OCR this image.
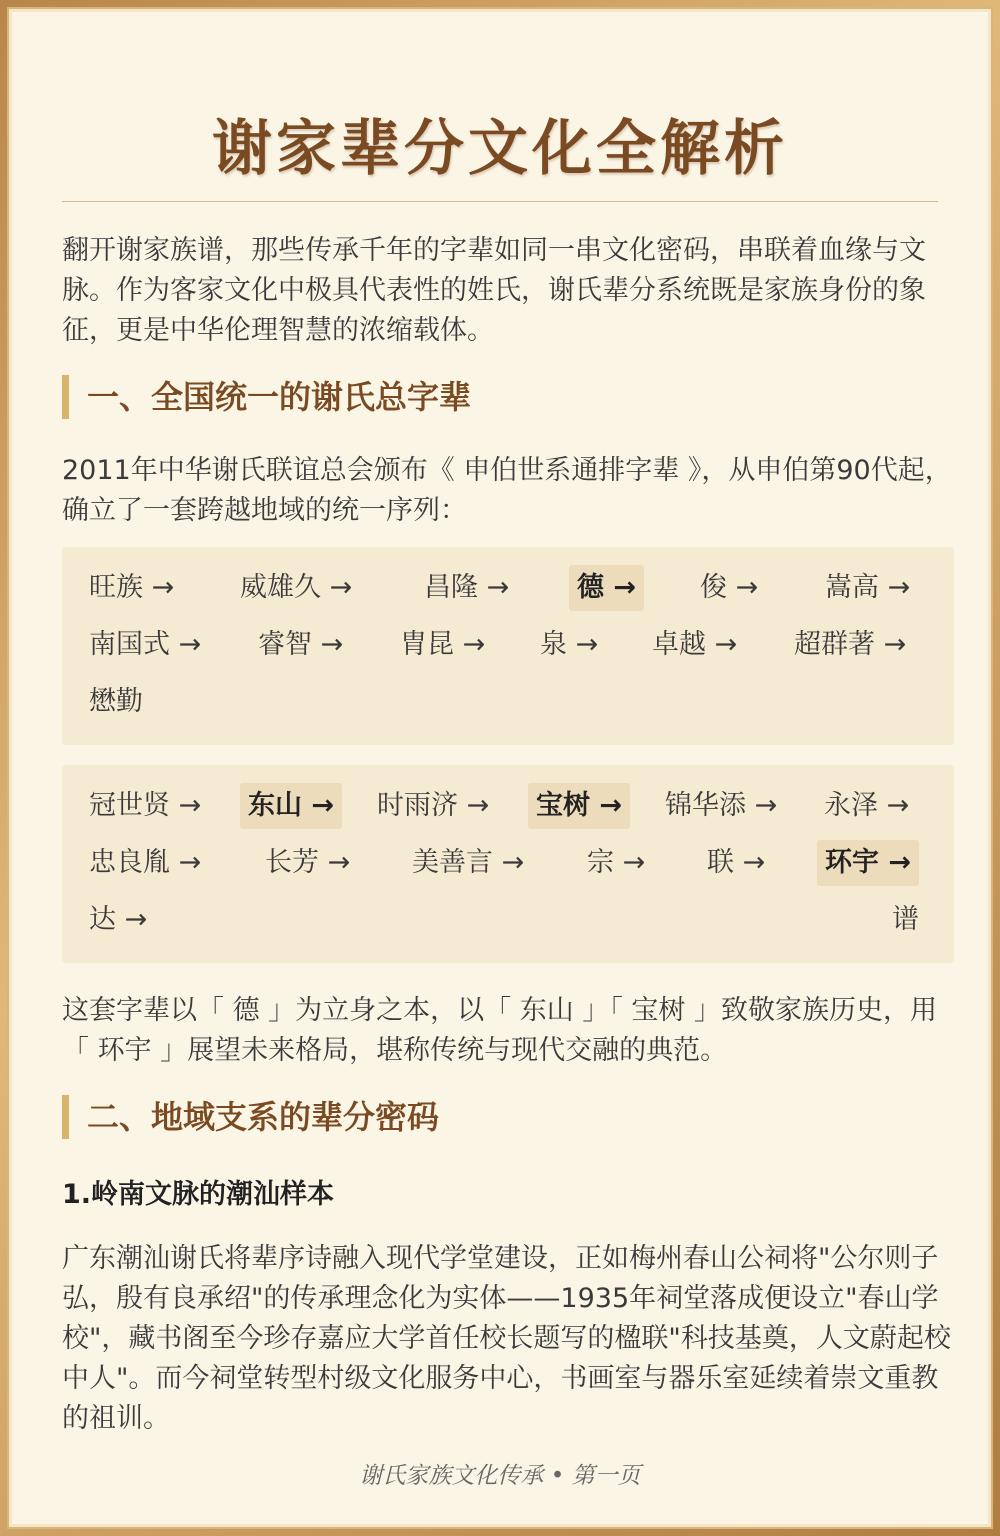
谢家辈分文化全解析
翻开谢家族谱，那些传承千年的字辈如同一串文化密码，串联着血缘与文脉。作为客家文化中极具代表性的姓氏，谢氏辈分系统既是家族身份的象征，更是中华伦理智慧的浓缩载体。
一、全国统一的谢氏总字辈
2011年中华谢氏联谊总会颁布《 申伯世系通排字辈 》，从申伯第90代起，确立了一套跨越地域的统一序列：
旺族 → 威雄久 →	昌隆 →	德 → 俊 → 嵩高 →
南国式 → 睿智 → 胄昆 → 泉 → 卓越 → 超群著 →
懋勤
冠世贤 → 东山 → 时雨济 → 宝树 → 锦华添 → 永泽 →
忠良胤 → 长芳 → 美善言 → 宗 → 联 → 环宇 →
达 →	谱
这套字辈以「 德 」为立身之本，以「 东山 」「 宝树 」致敬家族历史，用「 环宇 」展望未来格局，堪称传统与现代交融的典范。
二、地域支系的辈分密码
1.岭南文脉的潮汕样本
广东潮汕谢氏将辈序诗融入现代学堂建设，正如梅州春山公祠将"公尔则子弘，殷有良承绍"的传承理念化为实体——1935年祠堂落成便设立"春山学校"，藏书阁至今珍存嘉应大学首任校长题写的楹联"科技基奠，人文蔚起校中人"。而今祠堂转型村级文化服务中心，书画室与器乐室延续着崇文重教的祖训。
谢氏家族文化传承 • 第一页
